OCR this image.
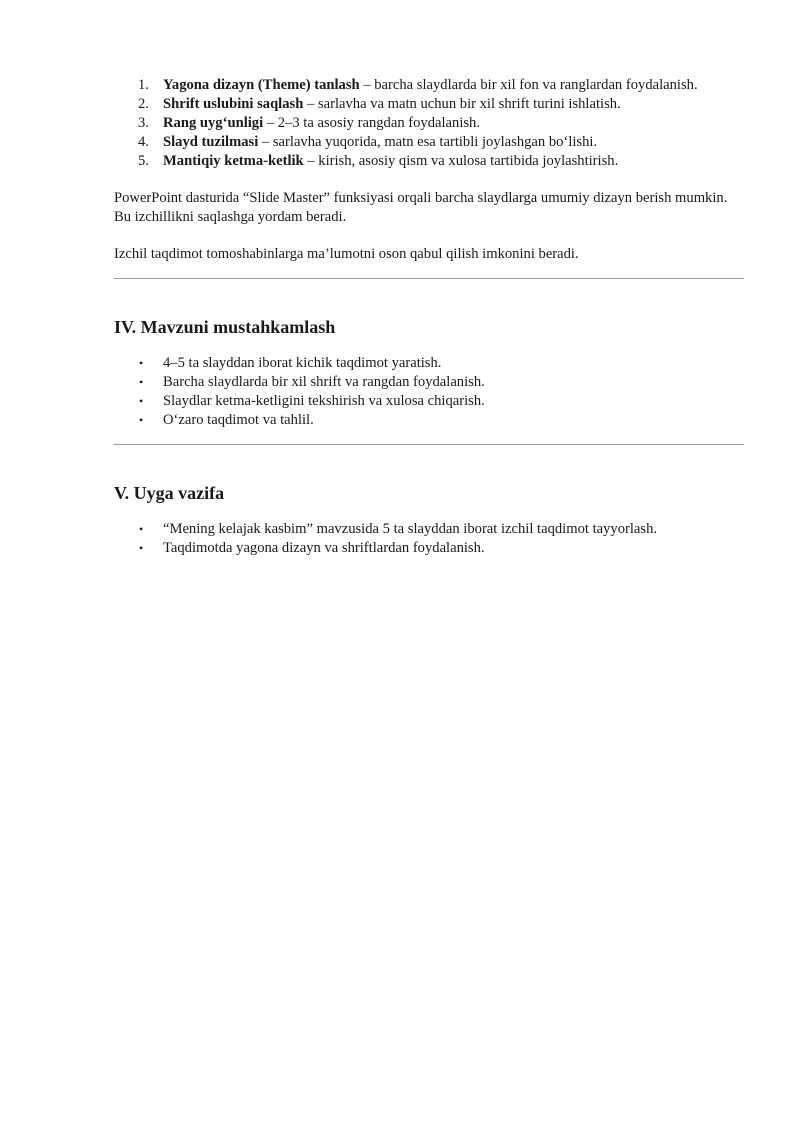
1. Yagona dizayn (Theme) tanlash – barcha slaydlarda bir xil fon va ranglardan foydalanish.
2. Shrift uslubini saqlash – sarlavha va matn uchun bir xil shrift turini ishlatish.
3. Rang uyg‘unligi – 2–3 ta asosiy rangdan foydalanish.
4. Slayd tuzilmasi – sarlavha yuqorida, matn esa tartibli joylashgan bo‘lishi.
5. Mantiqiy ketma-ketlik – kirish, asosiy qism va xulosa tartibida joylashtirish.

PowerPoint dasturida “Slide Master” funksiyasi orqali barcha slaydlarga umumiy dizayn berish mumkin. Bu izchillikni saqlashga yordam beradi.

Izchil taqdimot tomoshabinlarga ma’lumotni oson qabul qilish imkonini beradi.

IV. Mavzuni mustahkamlash
• 4–5 ta slayddan iborat kichik taqdimot yaratish.
• Barcha slaydlarda bir xil shrift va rangdan foydalanish.
• Slaydlar ketma-ketligini tekshirish va xulosa chiqarish.
• O‘zaro taqdimot va tahlil.
V. Uyga vazifa
• “Mening kelajak kasbim” mavzusida 5 ta slayddan iborat izchil taqdimot tayyorlash.
• Taqdimotda yagona dizayn va shriftlardan foydalanish.
